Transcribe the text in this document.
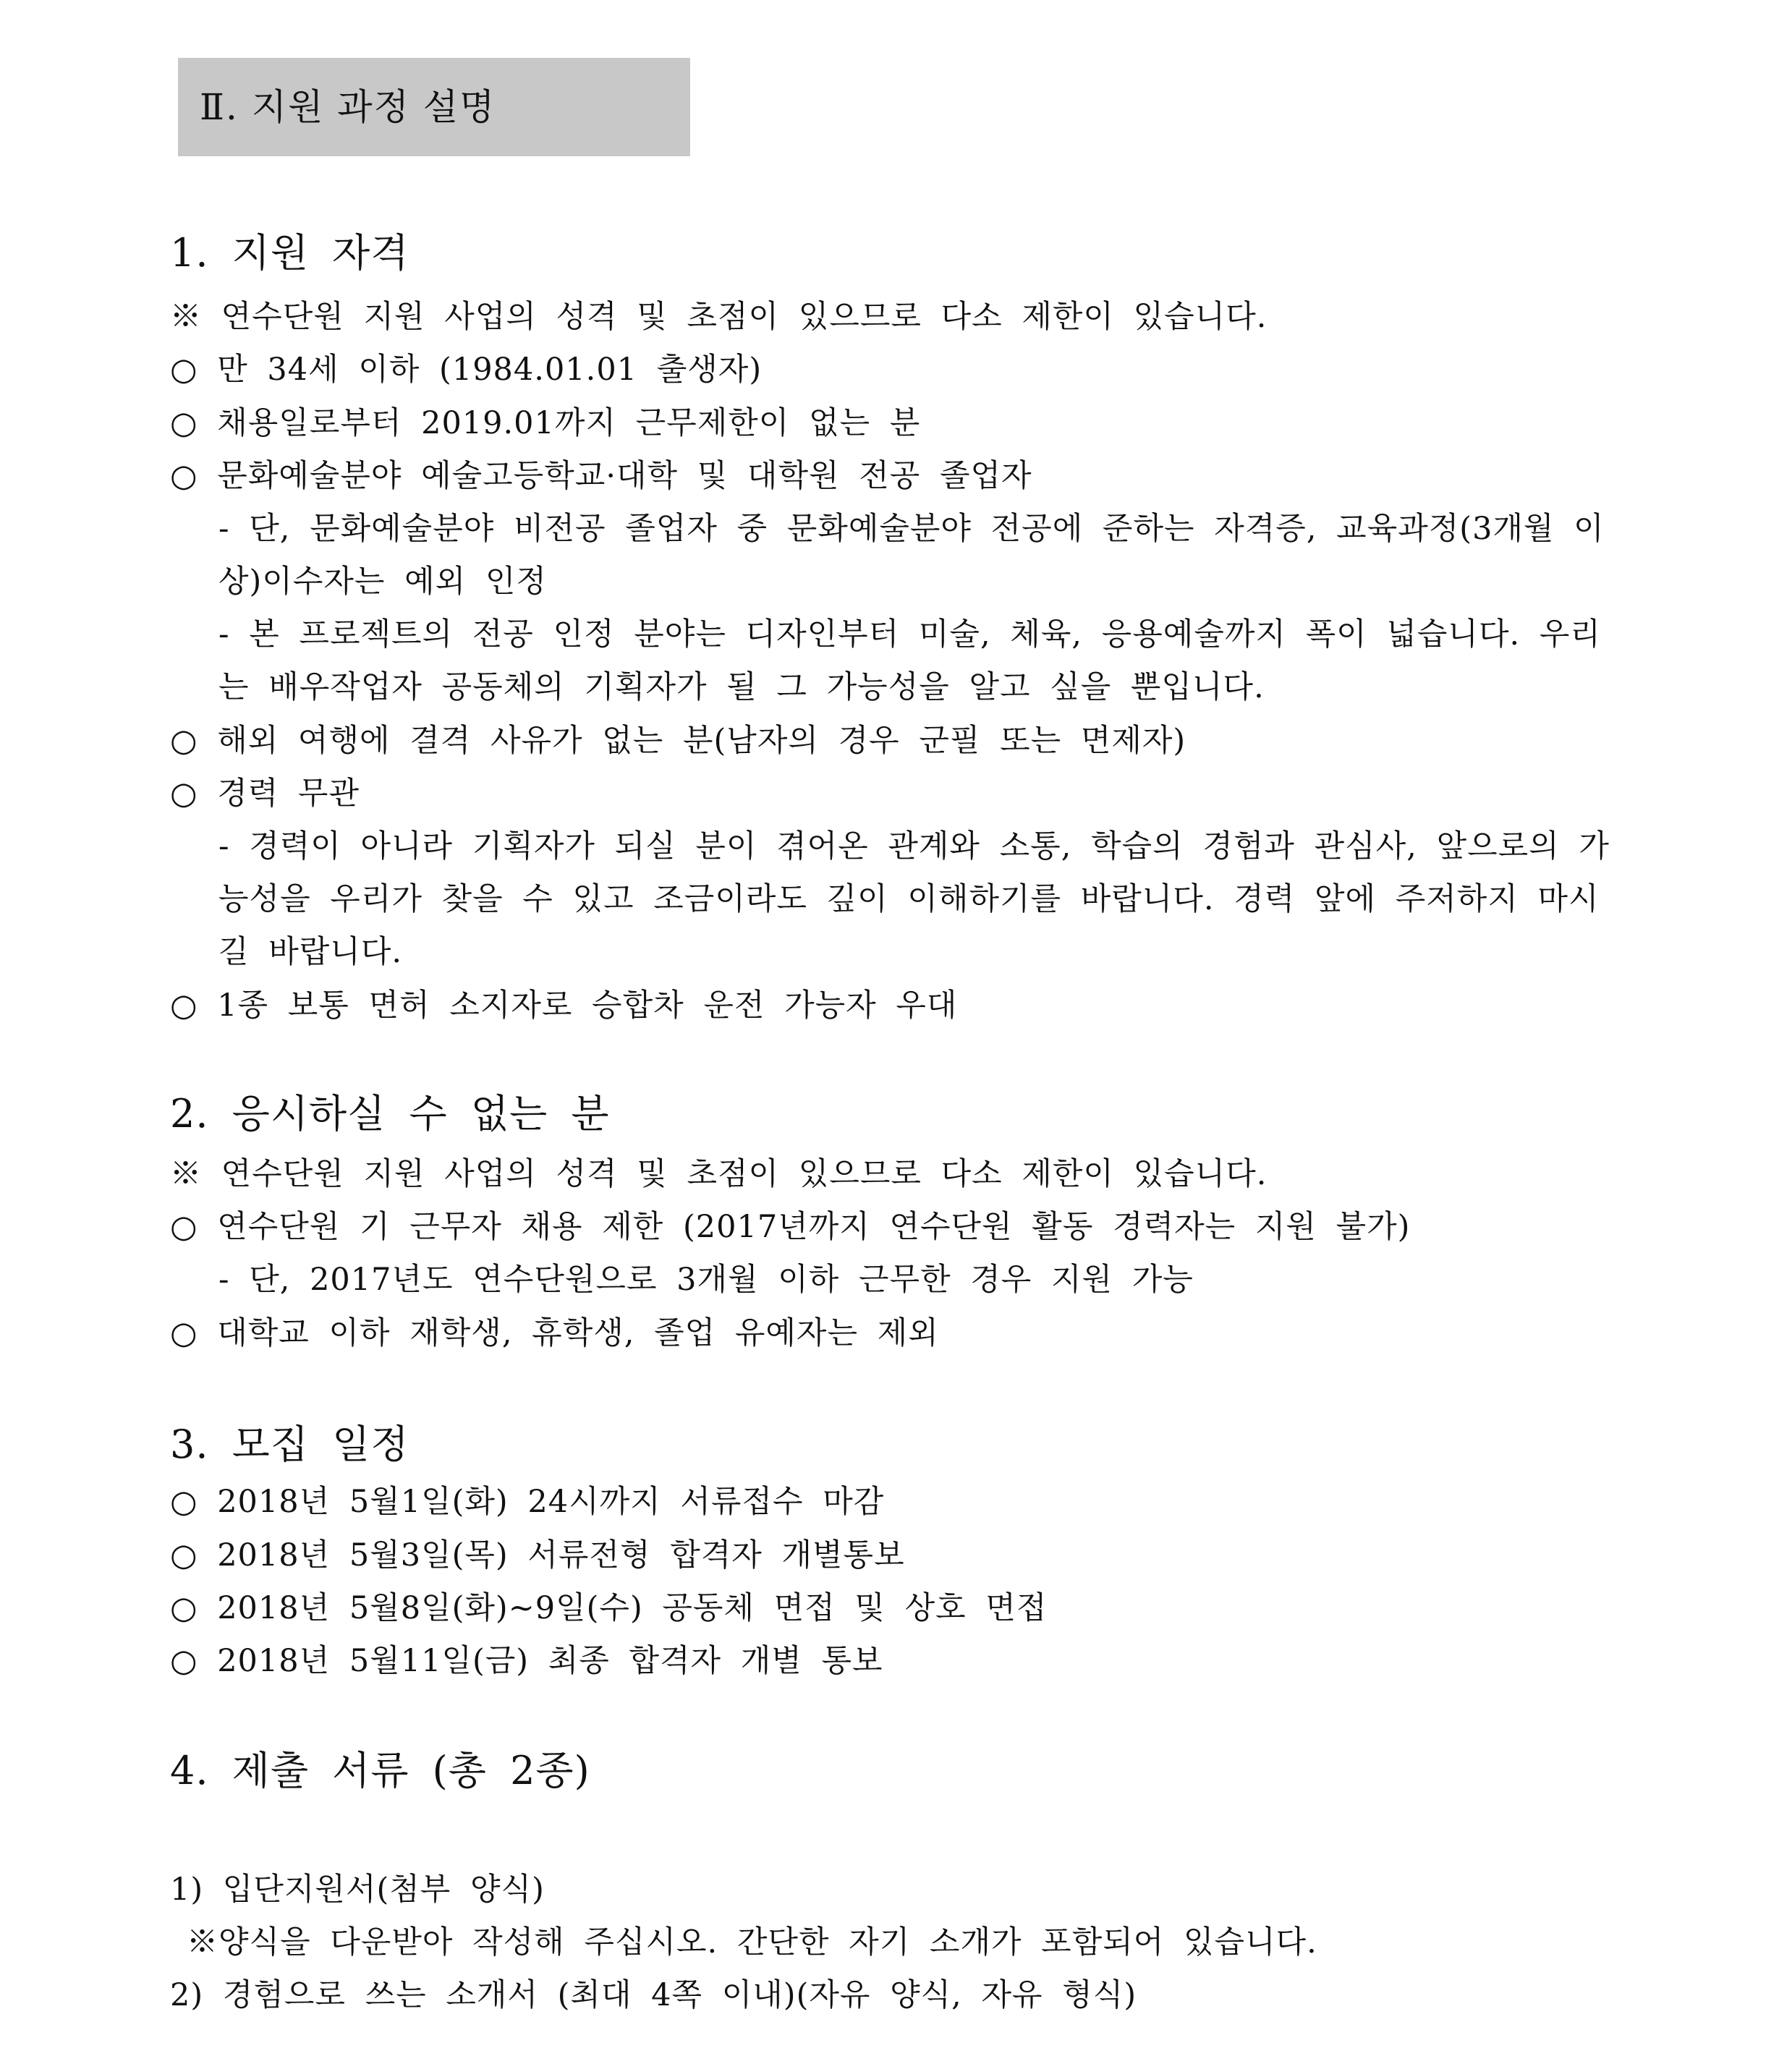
Ⅱ. 지원 과정 설명
1. 지원 자격
※ 연수단원 지원 사업의 성격 및 초점이 있으므로 다소 제한이 있습니다.
○ 만 34세 이하 (1984.01.01 출생자)
○ 채용일로부터 2019.01까지 근무제한이 없는 분
○ 문화예술분야 예술고등학교·대학 및 대학원 전공 졸업자
- 단, 문화예술분야 비전공 졸업자 중 문화예술분야 전공에 준하는 자격증, 교육과정(3개월 이
상)이수자는 예외 인정
- 본 프로젝트의 전공 인정 분야는 디자인부터 미술, 체육, 응용예술까지 폭이 넓습니다. 우리
는 배우작업자 공동체의 기획자가 될 그 가능성을 알고 싶을 뿐입니다.
○ 해외 여행에 결격 사유가 없는 분(남자의 경우 군필 또는 면제자)
○ 경력 무관
- 경력이 아니라 기획자가 되실 분이 겪어온 관계와 소통, 학습의 경험과 관심사, 앞으로의 가
능성을 우리가 찾을 수 있고 조금이라도 깊이 이해하기를 바랍니다. 경력 앞에 주저하지 마시
길 바랍니다.
○ 1종 보통 면허 소지자로 승합차 운전 가능자 우대
2. 응시하실 수 없는 분
※ 연수단원 지원 사업의 성격 및 초점이 있으므로 다소 제한이 있습니다.
○ 연수단원 기 근무자 채용 제한 (2017년까지 연수단원 활동 경력자는 지원 불가)
- 단, 2017년도 연수단원으로 3개월 이하 근무한 경우 지원 가능
○ 대학교 이하 재학생, 휴학생, 졸업 유예자는 제외
3. 모집 일정
○ 2018년 5월1일(화) 24시까지 서류접수 마감
○ 2018년 5월3일(목) 서류전형 합격자 개별통보
○ 2018년 5월8일(화)~9일(수) 공동체 면접 및 상호 면접
○ 2018년 5월11일(금) 최종 합격자 개별 통보
4. 제출 서류 (총 2종)
1) 입단지원서(첨부 양식)
※양식을 다운받아 작성해 주십시오. 간단한 자기 소개가 포함되어 있습니다.
2) 경험으로 쓰는 소개서 (최대 4쪽 이내)(자유 양식, 자유 형식)
